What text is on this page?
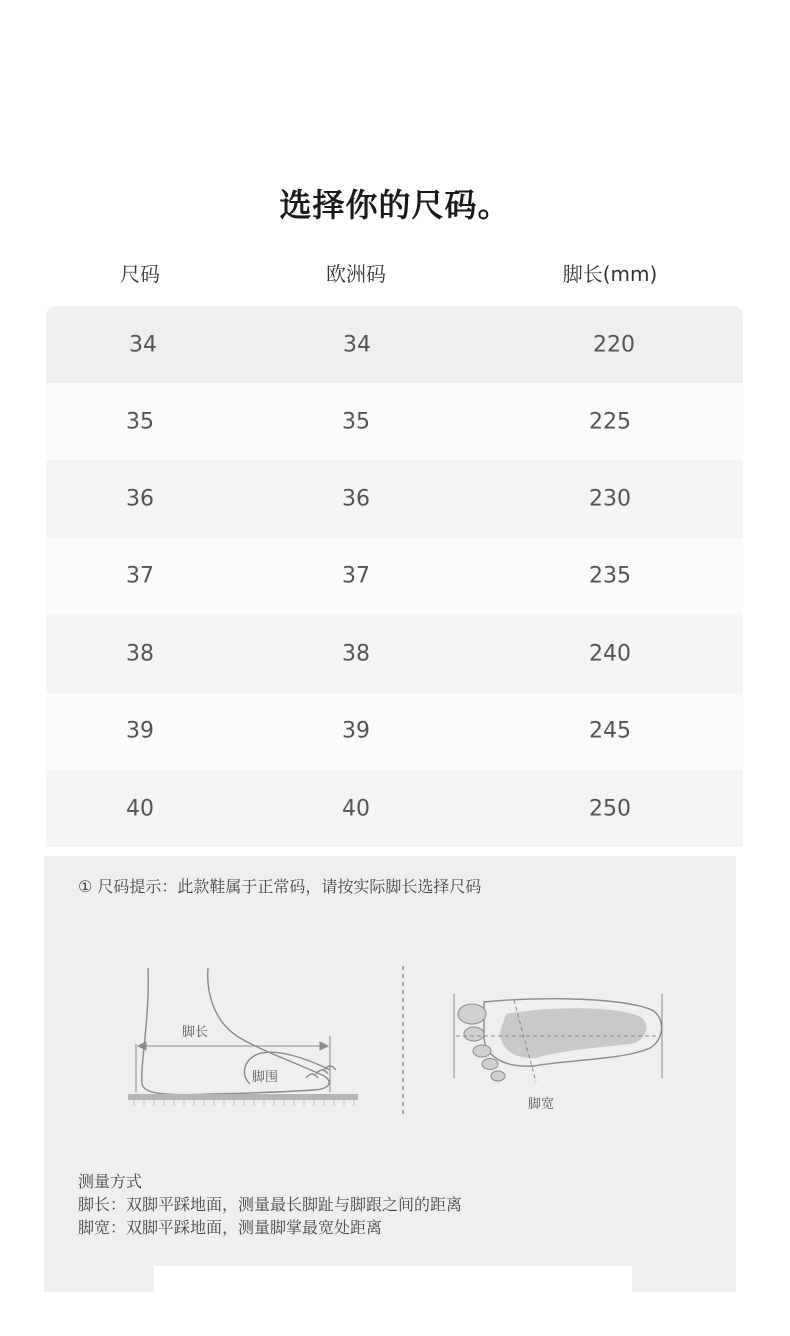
选择你的尺码。
尺码	欧洲码	脚长(mm)
34	34	220
35	35	225
36	36	230
37	37	235
38	38	240
39	39	245
40	40	250
① 尺码提示：此款鞋属于正常码，请按实际脚长选择尺码
脚长
脚围
脚宽
测量方式
脚长：双脚平踩地面，测量最长脚趾与脚跟之间的距离
脚宽：双脚平踩地面，测量脚掌最宽处距离
